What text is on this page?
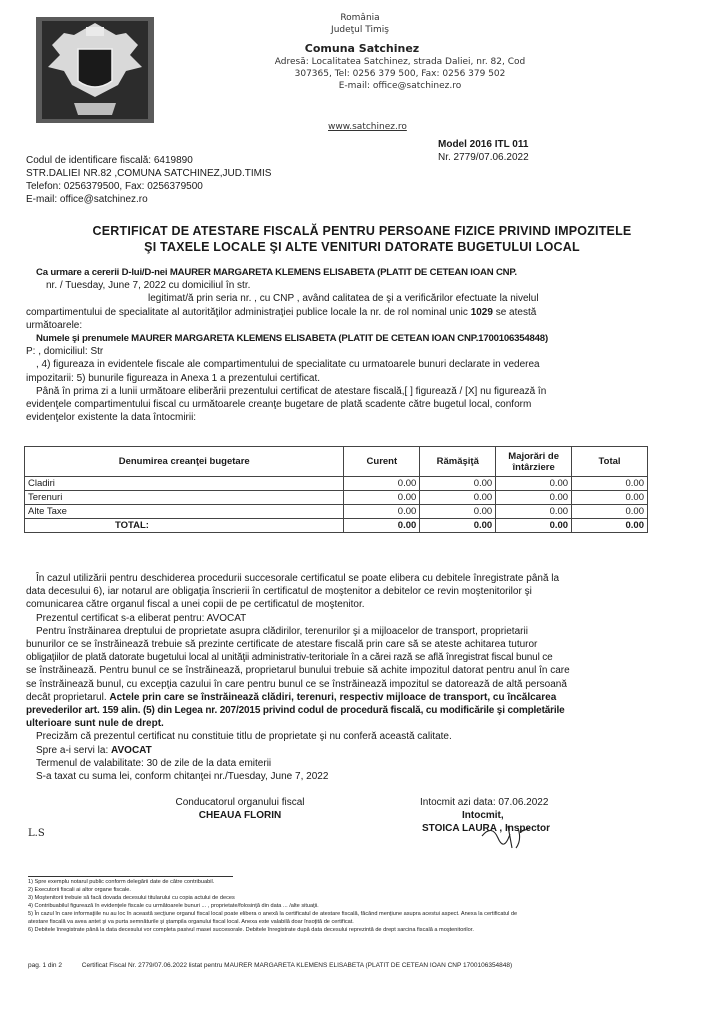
România
Judeţul Timiş
Comuna Satchinez
Adresă: Localitatea Satchinez, strada Daliei, nr. 82, Cod
307365, Tel: 0256 379 500, Fax: 0256 379 502
E-mail: office@satchinez.ro
www.satchinez.ro
Model 2016 ITL 011
Nr. 2779/07.06.2022
Codul de identificare fiscală: 6419890
STR.DALIEI NR.82 ,COMUNA SATCHINEZ,JUD.TIMIS
Telefon: 0256379500, Fax: 0256379500
E-mail: office@satchinez.ro
CERTIFICAT DE ATESTARE FISCALĂ PENTRU PERSOANE FIZICE PRIVIND IMPOZITELE
ŞI TAXELE LOCALE ŞI ALTE VENITURI DATORATE BUGETULUI LOCAL
Ca urmare a cererii D-lui/D-nei MAURER MARGARETA KLEMENS ELISABETA (PLATIT DE CETEAN IOAN CNP.
nr. / Tuesday, June 7, 2022 cu domiciliul în str.
legitimat/ă prin seria nr. , cu CNP , având calitatea de şi a verificărilor efectuate la nivelul
compartimentului de specialitate al autorităţilor administraţiei publice locale la nr. de rol nominal unic 1029 se atestă
următoarele:
Numele şi prenumele MAURER MARGARETA KLEMENS ELISABETA (PLATIT DE CETEAN IOAN CNP.1700106354848)
P: , domiciliul: Str
, 4) figureaza in evidentele fiscale ale compartimentului de specialitate cu urmatoarele bunuri declarate in vederea
impozitarii: 5) bunurile figureaza in Anexa 1 a prezentului certificat.
Până în prima zi a lunii următoare eliberării prezentului certificat de atestare fiscală,[ ] figurează / [X] nu figurează în
evidenţele compartimentului fiscal cu următoarele creanţe bugetare de plată scadente către bugetul local, conform
evidenţelor existente la data întocmirii:
Denumirea creanţei bugetare	Curent	Rămăşiţă	Majorări de întârziere	Total
Cladiri	0.00	0.00	0.00	0.00
Terenuri	0.00	0.00	0.00	0.00
Alte Taxe	0.00	0.00	0.00	0.00
TOTAL:	0.00	0.00	0.00	0.00
În cazul utilizării pentru deschiderea procedurii succesorale certificatul se poate elibera cu debitele înregistrate până la
data decesului 6), iar notarul are obligaţia înscrierii în certificatul de moştenitor a debitelor ce revin moştenitorilor şi
comunicarea către organul fiscal a unei copii de pe certificatul de moştenitor.
Prezentul certificat s-a eliberat pentru: AVOCAT
Pentru înstrăinarea dreptului de proprietate asupra clădirilor, terenurilor şi a mijloacelor de transport, proprietarii
bunurilor ce se înstrăinează trebuie să prezinte certificate de atestare fiscală prin care să se ateste achitarea tuturor
obligaţiilor de plată datorate bugetului local al unităţii administrativ-teritoriale în a cărei rază se află înregistrat fiscal bunul ce
se înstrăinează. Pentru bunul ce se înstrăinează, proprietarul bunului trebuie să achite impozitul datorat pentru anul în care
se înstrăinează bunul, cu excepţia cazului în care pentru bunul ce se înstrăinează impozitul se datorează de altă persoană
decât proprietarul. Actele prin care se înstrăinează clădiri, terenuri, respectiv mijloace de transport, cu încălcarea
prevederilor art. 159 alin. (5) din Legea nr. 207/2015 privind codul de procedură fiscală, cu modificările şi completările
ulterioare sunt nule de drept.
Precizăm că prezentul certificat nu constituie titlu de proprietate şi nu conferă această calitate.
Spre a-i servi la: AVOCAT
Termenul de valabilitate: 30 de zile de la data emiterii
S-a taxat cu suma lei, conform chitanţei nr./Tuesday, June 7, 2022
Conducatorul organului fiscal
CHEAUA FLORIN
Intocmit azi data: 07.06.2022
Intocmit,
STOICA LAURA , Inspector
L.S
1) Spre exemplu notarul public conform delegării date de către contribuabil.
2) Executorii fiscali ai altor organe fiscale.
3) Moştenitorii trebuie să facă dovada decesului titularului cu copia actului de deces
4) Contribuabilul figurează în evidenţele fiscale cu următoarele bunuri ... , proprietate/folosinţă din data ... /alte situaţii.
5) În cazul în care informaţiile nu au loc în această secţiune organul fiscal local poate elibera o anexă la certificatul de atestare fiscală, făcând mențiune asupra acestui aspect. Anexa la certificatul de
atestare fiscală va avea antet şi va purta semnăturile şi ştampila organului fiscal local. Anexa este valabilă doar însoţită de certificat.
6) Debitele înregistrate până la data decesului vor completa pasivul masei succesorale. Debitele înregistrate după data decesului reprezintă de drept sarcina fiscală a moştenitorilor.
pag. 1 din 2	Certificat Fiscal Nr. 2779/07.06.2022 listat pentru MAURER MARGARETA KLEMENS ELISABETA (PLATIT DE CETEAN IOAN CNP 1700106354848)
